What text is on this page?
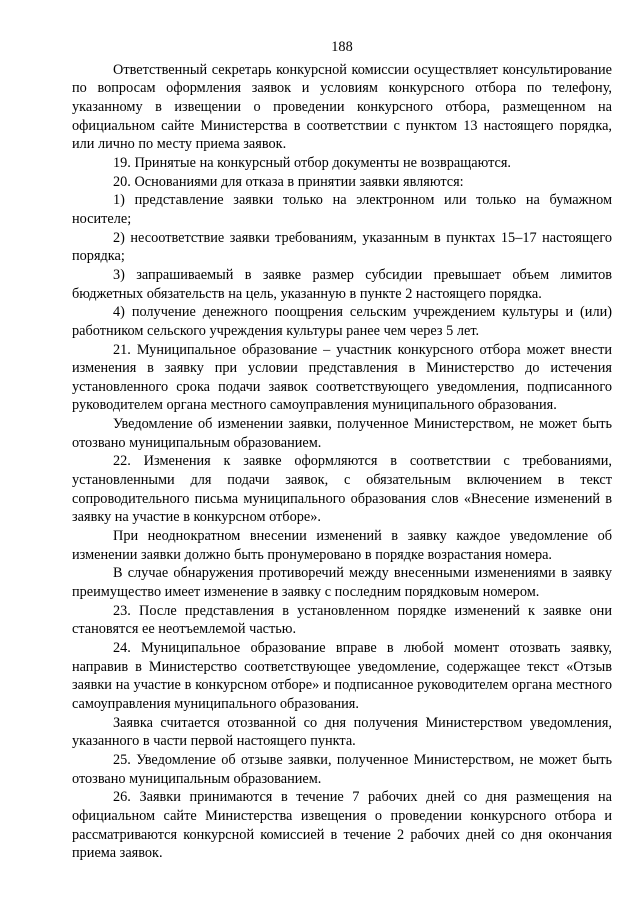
188

Ответственный секретарь конкурсной комиссии осуществляет консультирование по вопросам оформления заявок и условиям конкурсного отбора по телефону, указанному в извещении о проведении конкурсного отбора, размещенном на официальном сайте Министерства в соответствии с пунктом 13 настоящего порядка, или лично по месту приема заявок.

19. Принятые на конкурсный отбор документы не возвращаются.

20. Основаниями для отказа в принятии заявки являются:

1) представление заявки только на электронном или только на бумажном носителе;

2) несоответствие заявки требованиям, указанным в пунктах 15–17 настоящего порядка;

3) запрашиваемый в заявке размер субсидии превышает объем лимитов бюджетных обязательств на цель, указанную в пункте 2 настоящего порядка.

4) получение денежного поощрения сельским учреждением культуры и (или) работником сельского учреждения культуры ранее чем через 5 лет.

21. Муниципальное образование – участник конкурсного отбора может внести изменения в заявку при условии представления в Министерство до истечения установленного срока подачи заявок соответствующего уведомления, подписанного руководителем органа местного самоуправления муниципального образования.

Уведомление об изменении заявки, полученное Министерством, не может быть отозвано муниципальным образованием.

22. Изменения к заявке оформляются в соответствии с требованиями, установленными для подачи заявок, с обязательным включением в текст сопроводительного письма муниципального образования слов «Внесение изменений в заявку на участие в конкурсном отборе».

При неоднократном внесении изменений в заявку каждое уведомление об изменении заявки должно быть пронумеровано в порядке возрастания номера.

В случае обнаружения противоречий между внесенными изменениями в заявку преимущество имеет изменение в заявку с последним порядковым номером.

23. После представления в установленном порядке изменений к заявке они становятся ее неотъемлемой частью.

24. Муниципальное образование вправе в любой момент отозвать заявку, направив в Министерство соответствующее уведомление, содержащее текст «Отзыв заявки на участие в конкурсном отборе» и подписанное руководителем органа местного самоуправления муниципального образования.

Заявка считается отозванной со дня получения Министерством уведомления, указанного в части первой настоящего пункта.

25. Уведомление об отзыве заявки, полученное Министерством, не может быть отозвано муниципальным образованием.

26. Заявки принимаются в течение 7 рабочих дней со дня размещения на официальном сайте Министерства извещения о проведении конкурсного отбора и рассматриваются конкурсной комиссией в течение 2 рабочих дней со дня окончания приема заявок.
